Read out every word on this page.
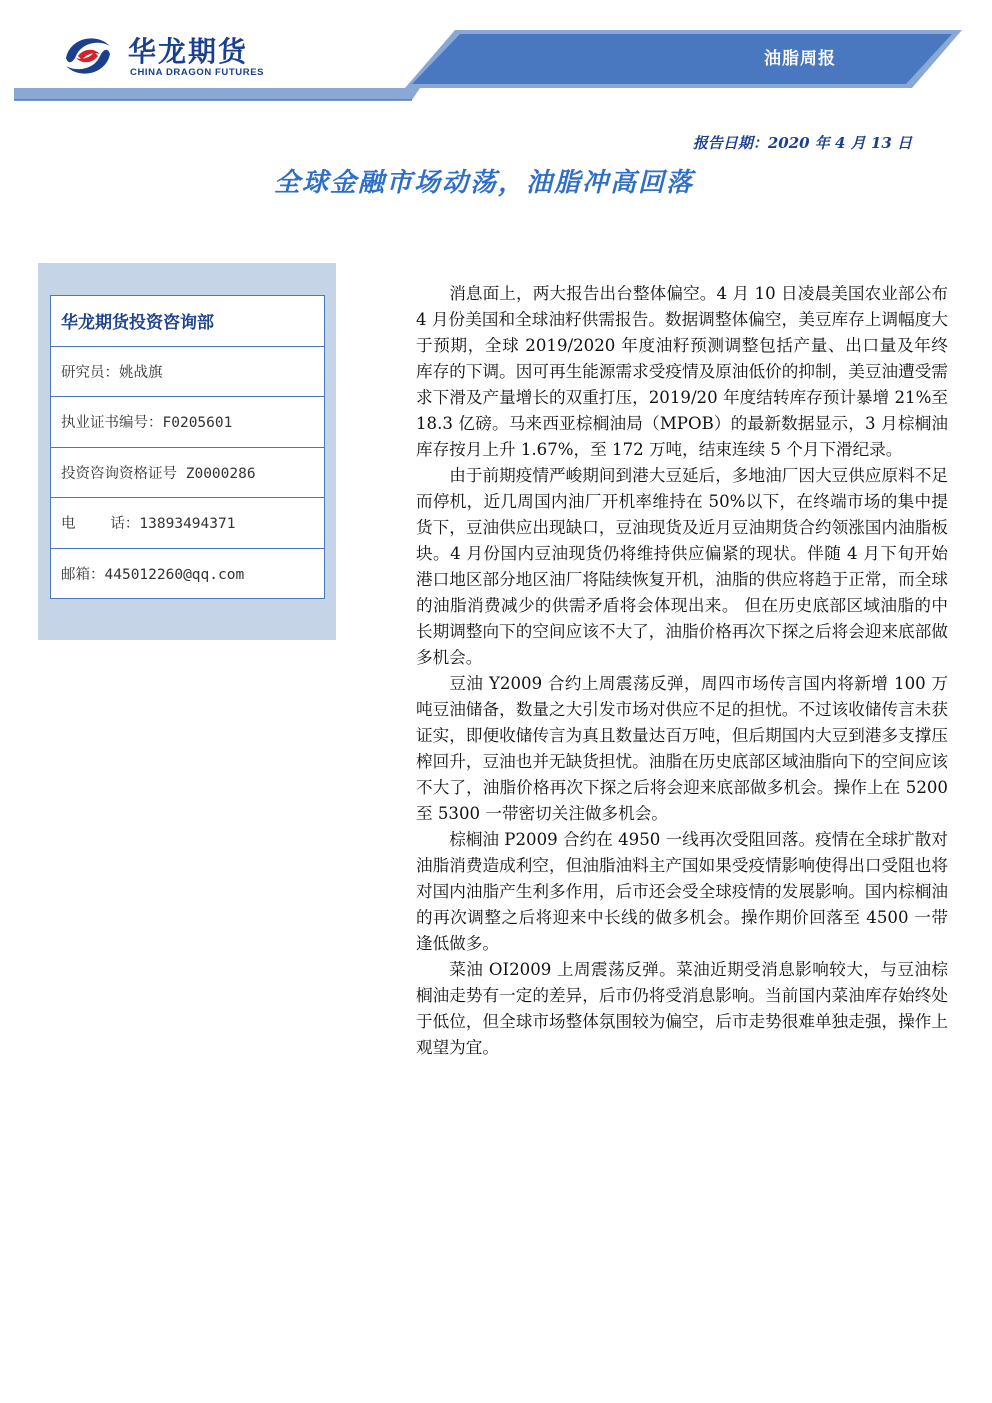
华龙期货
CHINA DRAGON FUTURES
油脂周报
报告日期：2020 年 4 月 13 日
全球金融市场动荡，油脂冲高回落
华龙期货投资咨询部
研究员：姚战旗
执业证书编号：F0205601
投资咨询资格证号 Z0000286
电    话：13893494371
邮箱：445012260@qq.com

消息面上，两大报告出台整体偏空。4 月 10 日凌晨美国农业部公布 4 月份美国和全球油籽供需报告。数据调整体偏空，美豆库存上调幅度大于预期，全球 2019/2020 年度油籽预测调整包括产量、出口量及年终库存的下调。因可再生能源需求受疫情及原油低价的抑制，美豆油遭受需求下滑及产量增长的双重打压，2019/20 年度结转库存预计暴增 21%至 18.3 亿磅。马来西亚棕榈油局（MPOB）的最新数据显示，3 月棕榈油库存按月上升 1.67%，至 172 万吨，结束连续 5 个月下滑纪录。

由于前期疫情严峻期间到港大豆延后，多地油厂因大豆供应原料不足而停机，近几周国内油厂开机率维持在 50%以下，在终端市场的集中提货下，豆油供应出现缺口，豆油现货及近月豆油期货合约领涨国内油脂板块。4 月份国内豆油现货仍将维持供应偏紧的现状。伴随 4 月下旬开始港口地区部分地区油厂将陆续恢复开机，油脂的供应将趋于正常，而全球的油脂消费减少的供需矛盾将会体现出来。 但在历史底部区域油脂的中长期调整向下的空间应该不大了，油脂价格再次下探之后将会迎来底部做多机会。

豆油 Y2009 合约上周震荡反弹，周四市场传言国内将新增 100 万吨豆油储备，数量之大引发市场对供应不足的担忧。不过该收储传言未获证实，即便收储传言为真且数量达百万吨，但后期国内大豆到港多支撑压榨回升，豆油也并无缺货担忧。油脂在历史底部区域油脂向下的空间应该不大了，油脂价格再次下探之后将会迎来底部做多机会。操作上在 5200 至 5300 一带密切关注做多机会。

棕榈油 P2009 合约在 4950 一线再次受阻回落。疫情在全球扩散对油脂消费造成利空，但油脂油料主产国如果受疫情影响使得出口受阻也将对国内油脂产生利多作用，后市还会受全球疫情的发展影响。国内棕榈油的再次调整之后将迎来中长线的做多机会。操作期价回落至 4500 一带逢低做多。

菜油 OI2009 上周震荡反弹。菜油近期受消息影响较大，与豆油棕榈油走势有一定的差异，后市仍将受消息影响。当前国内菜油库存始终处于低位，但全球市场整体氛围较为偏空，后市走势很难单独走强，操作上观望为宜。
